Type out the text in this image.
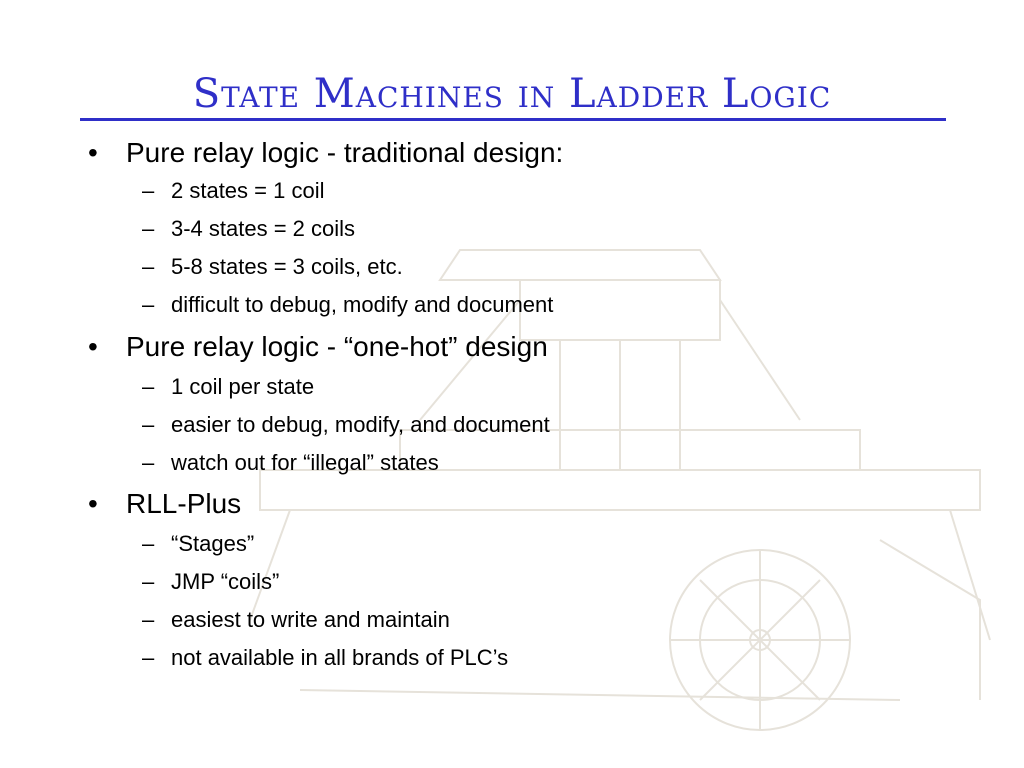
State Machines in Ladder Logic
• Pure relay logic - traditional design:
– 2 states = 1 coil
– 3-4 states = 2 coils
– 5-8 states = 3 coils, etc.
– difficult to debug, modify and document
• Pure relay logic - “one-hot” design
– 1 coil per state
– easier to debug, modify, and document
– watch out for “illegal” states
• RLL-Plus
– “Stages”
– JMP “coils”
– easiest to write and maintain
– not available in all brands of PLC’s
